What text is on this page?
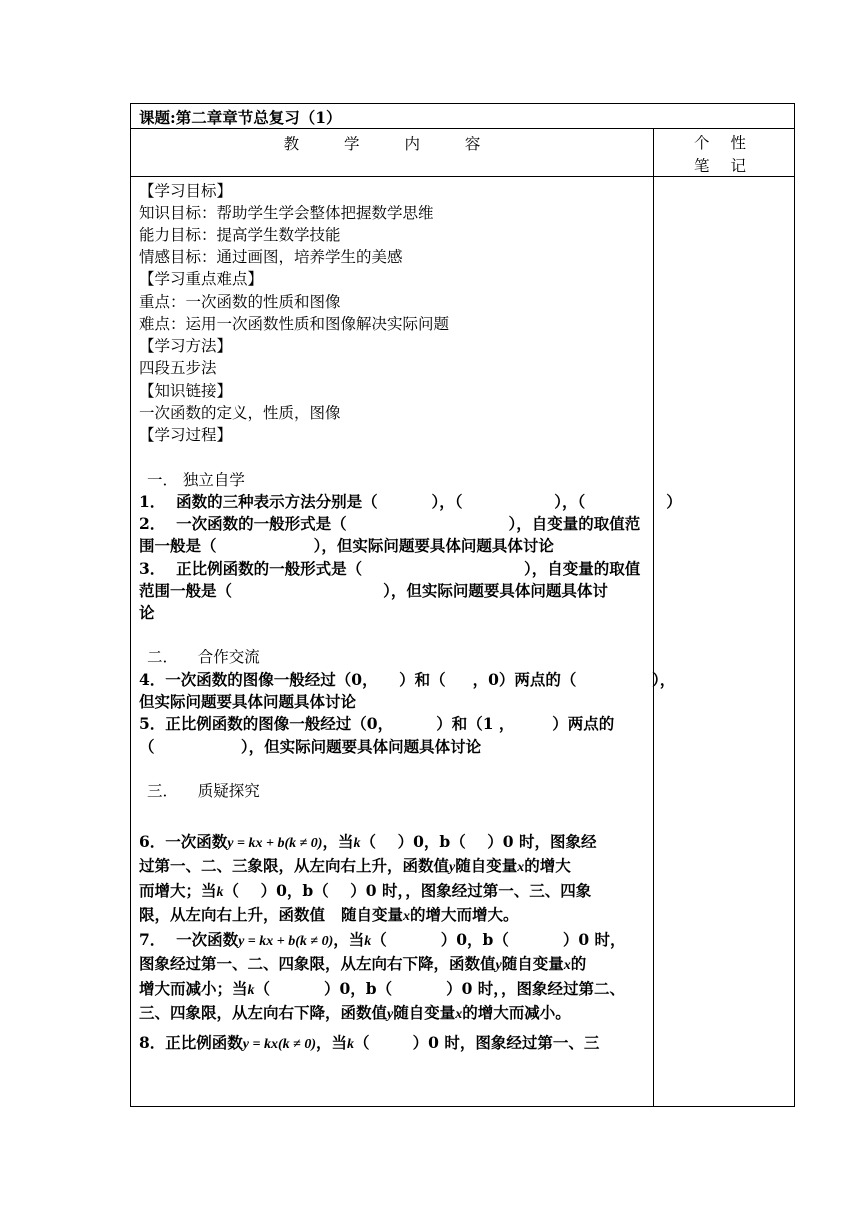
课题:第二章章节总复习（1）
教 学 内 容	个 性
笔 记
【学习目标】
知识目标：帮助学生学会整体把握数学思维
能力目标：提高学生数学技能
情感目标：通过画图，培养学生的美感
【学习重点难点】
重点：一次函数的性质和图像
难点：运用一次函数性质和图像解决实际问题
【学习方法】
四段五步法
【知识链接】
一次函数的定义，性质，图像
【学习过程】
一． 独立自学
1．  函数的三种表示方法分别是（          ），（                 ），（               ）
2．  一次函数的一般形式是（                              ），自变量的取值范
围一般是（                  ），但实际问题要具体问题具体讨论
3．  正比例函数的一般形式是（                              ），自变量的取值
范围一般是（                            ），但实际问题要具体问题具体讨
论
二．    合作交流
4．一次函数的图像一般经过（0，    ）和（     ，0）两点的（              ），
但实际问题要具体问题具体讨论
5．正比例函数的图像一般经过（0，        ）和（1 ，       ）两点的
（                ），但实际问题要具体问题具体讨论
三．    质疑探究
6．一次函数y = kx + b(k ≠ 0)，当k（    ）0，b（    ）0 时，图象经
过第一、二、三象限，从左向右上升，函数值y随自变量x的增大
而增大；当k（    ）0，b（    ）0 时，，图象经过第一、三、四象
限，从左向右上升，函数值 随自变量x的增大而增大。
7．  一次函数y = kx + b(k ≠ 0)，当k（          ）0，b（          ）0 时，
图象经过第一、二、四象限，从左向右下降，函数值y随自变量x的
增大而减小；当k（          ）0，b（          ）0 时，，图象经过第二、
三、四象限，从左向右下降，函数值y随自变量x的增大而减小。
8．正比例函数y = kx(k ≠ 0)，当k（        ）0 时，图象经过第一、三
